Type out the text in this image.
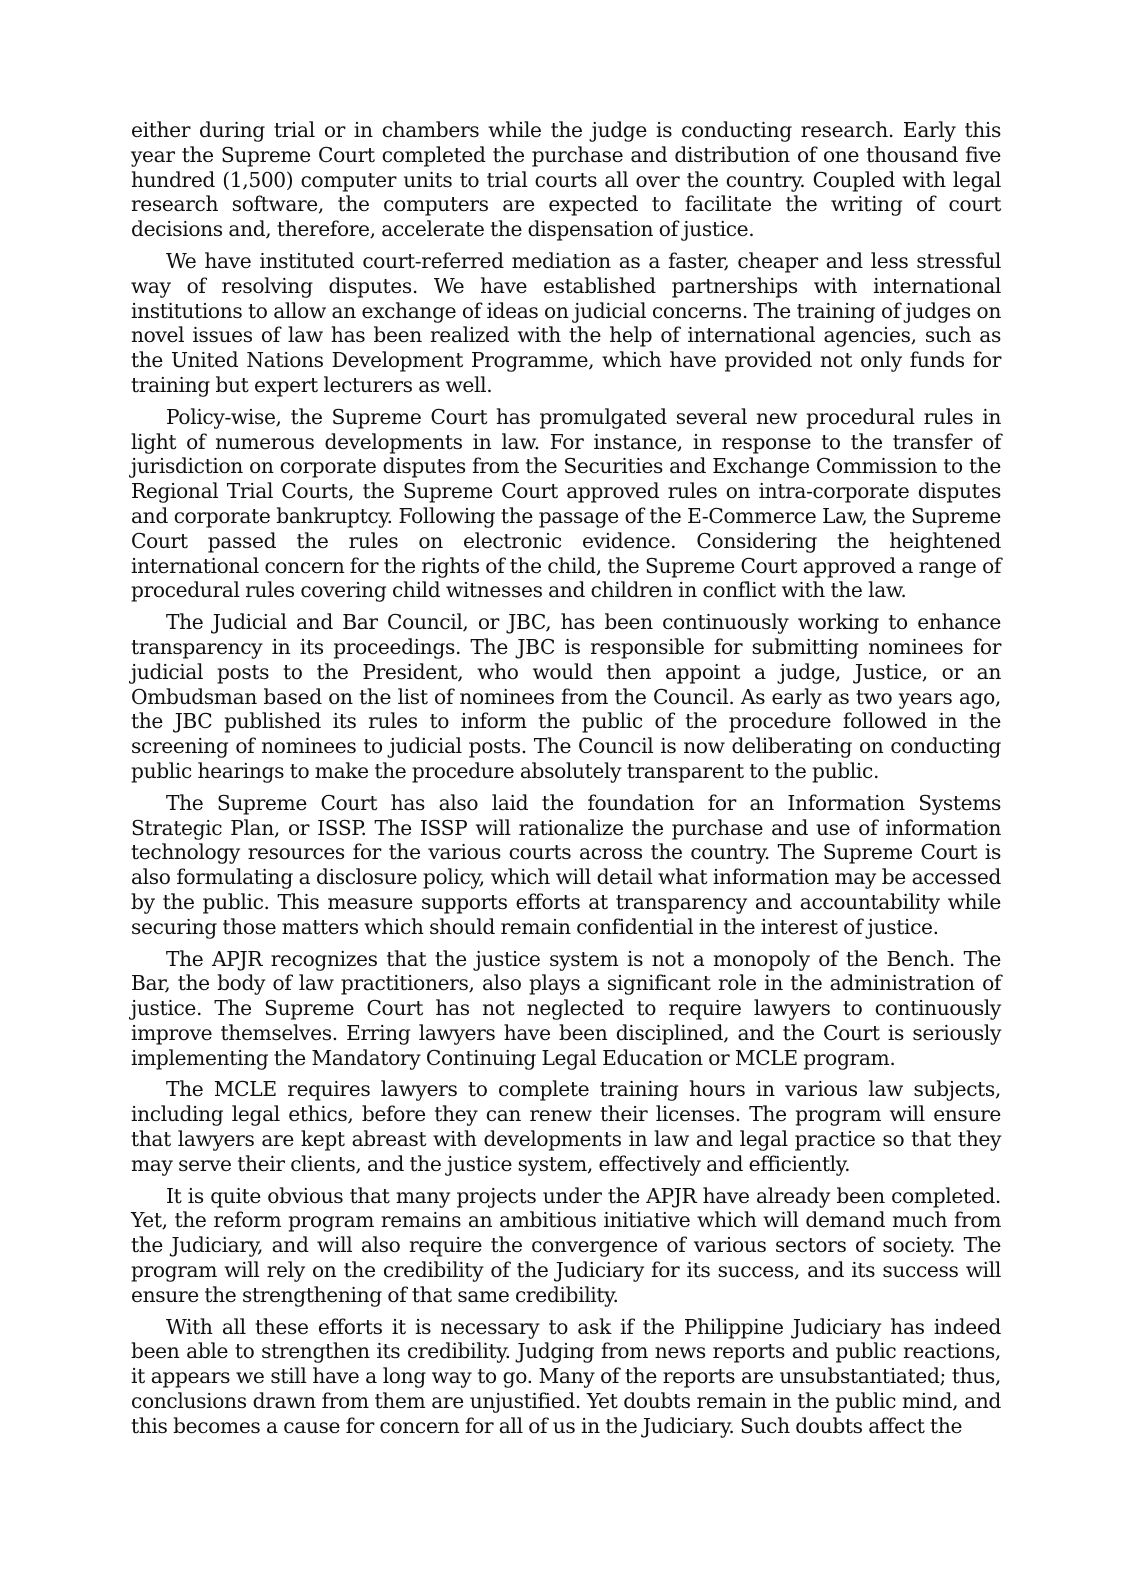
either during trial or in chambers while the judge is conducting research. Early this year the Supreme Court completed the purchase and distribution of one thousand five hundred (1,500) computer units to trial courts all over the country. Coupled with legal research software, the computers are expected to facilitate the writing of court decisions and, therefore, accelerate the dispensation of justice.

We have instituted court-referred mediation as a faster, cheaper and less stressful way of resolving disputes. We have established partnerships with international institutions to allow an exchange of ideas on judicial concerns. The training of judges on novel issues of law has been realized with the help of international agencies, such as the United Nations Development Programme, which have provided not only funds for training but expert lecturers as well.

Policy-wise, the Supreme Court has promulgated several new procedural rules in light of numerous developments in law. For instance, in response to the transfer of jurisdiction on corporate disputes from the Securities and Exchange Commission to the Regional Trial Courts, the Supreme Court approved rules on intra-corporate disputes and corporate bankruptcy. Following the passage of the E-Commerce Law, the Supreme Court passed the rules on electronic evidence. Considering the heightened international concern for the rights of the child, the Supreme Court approved a range of procedural rules covering child witnesses and children in conflict with the law.

The Judicial and Bar Council, or JBC, has been continuously working to enhance transparency in its proceedings. The JBC is responsible for submitting nominees for judicial posts to the President, who would then appoint a judge, Justice, or an Ombudsman based on the list of nominees from the Council. As early as two years ago, the JBC published its rules to inform the public of the procedure followed in the screening of nominees to judicial posts. The Council is now deliberating on conducting public hearings to make the procedure absolutely transparent to the public.

The Supreme Court has also laid the foundation for an Information Systems Strategic Plan, or ISSP. The ISSP will rationalize the purchase and use of information technology resources for the various courts across the country. The Supreme Court is also formulating a disclosure policy, which will detail what information may be accessed by the public. This measure supports efforts at transparency and accountability while securing those matters which should remain confidential in the interest of justice.

The APJR recognizes that the justice system is not a monopoly of the Bench. The Bar, the body of law practitioners, also plays a significant role in the administration of justice. The Supreme Court has not neglected to require lawyers to continuously improve themselves. Erring lawyers have been disciplined, and the Court is seriously implementing the Mandatory Continuing Legal Education or MCLE program.

The MCLE requires lawyers to complete training hours in various law subjects, including legal ethics, before they can renew their licenses. The program will ensure that lawyers are kept abreast with developments in law and legal practice so that they may serve their clients, and the justice system, effectively and efficiently.

It is quite obvious that many projects under the APJR have already been completed. Yet, the reform program remains an ambitious initiative which will demand much from the Judiciary, and will also require the convergence of various sectors of society. The program will rely on the credibility of the Judiciary for its success, and its success will ensure the strengthening of that same credibility.

With all these efforts it is necessary to ask if the Philippine Judiciary has indeed been able to strengthen its credibility. Judging from news reports and public reactions, it appears we still have a long way to go. Many of the reports are unsubstantiated; thus, conclusions drawn from them are unjustified. Yet doubts remain in the public mind, and this becomes a cause for concern for all of us in the Judiciary. Such doubts affect the
